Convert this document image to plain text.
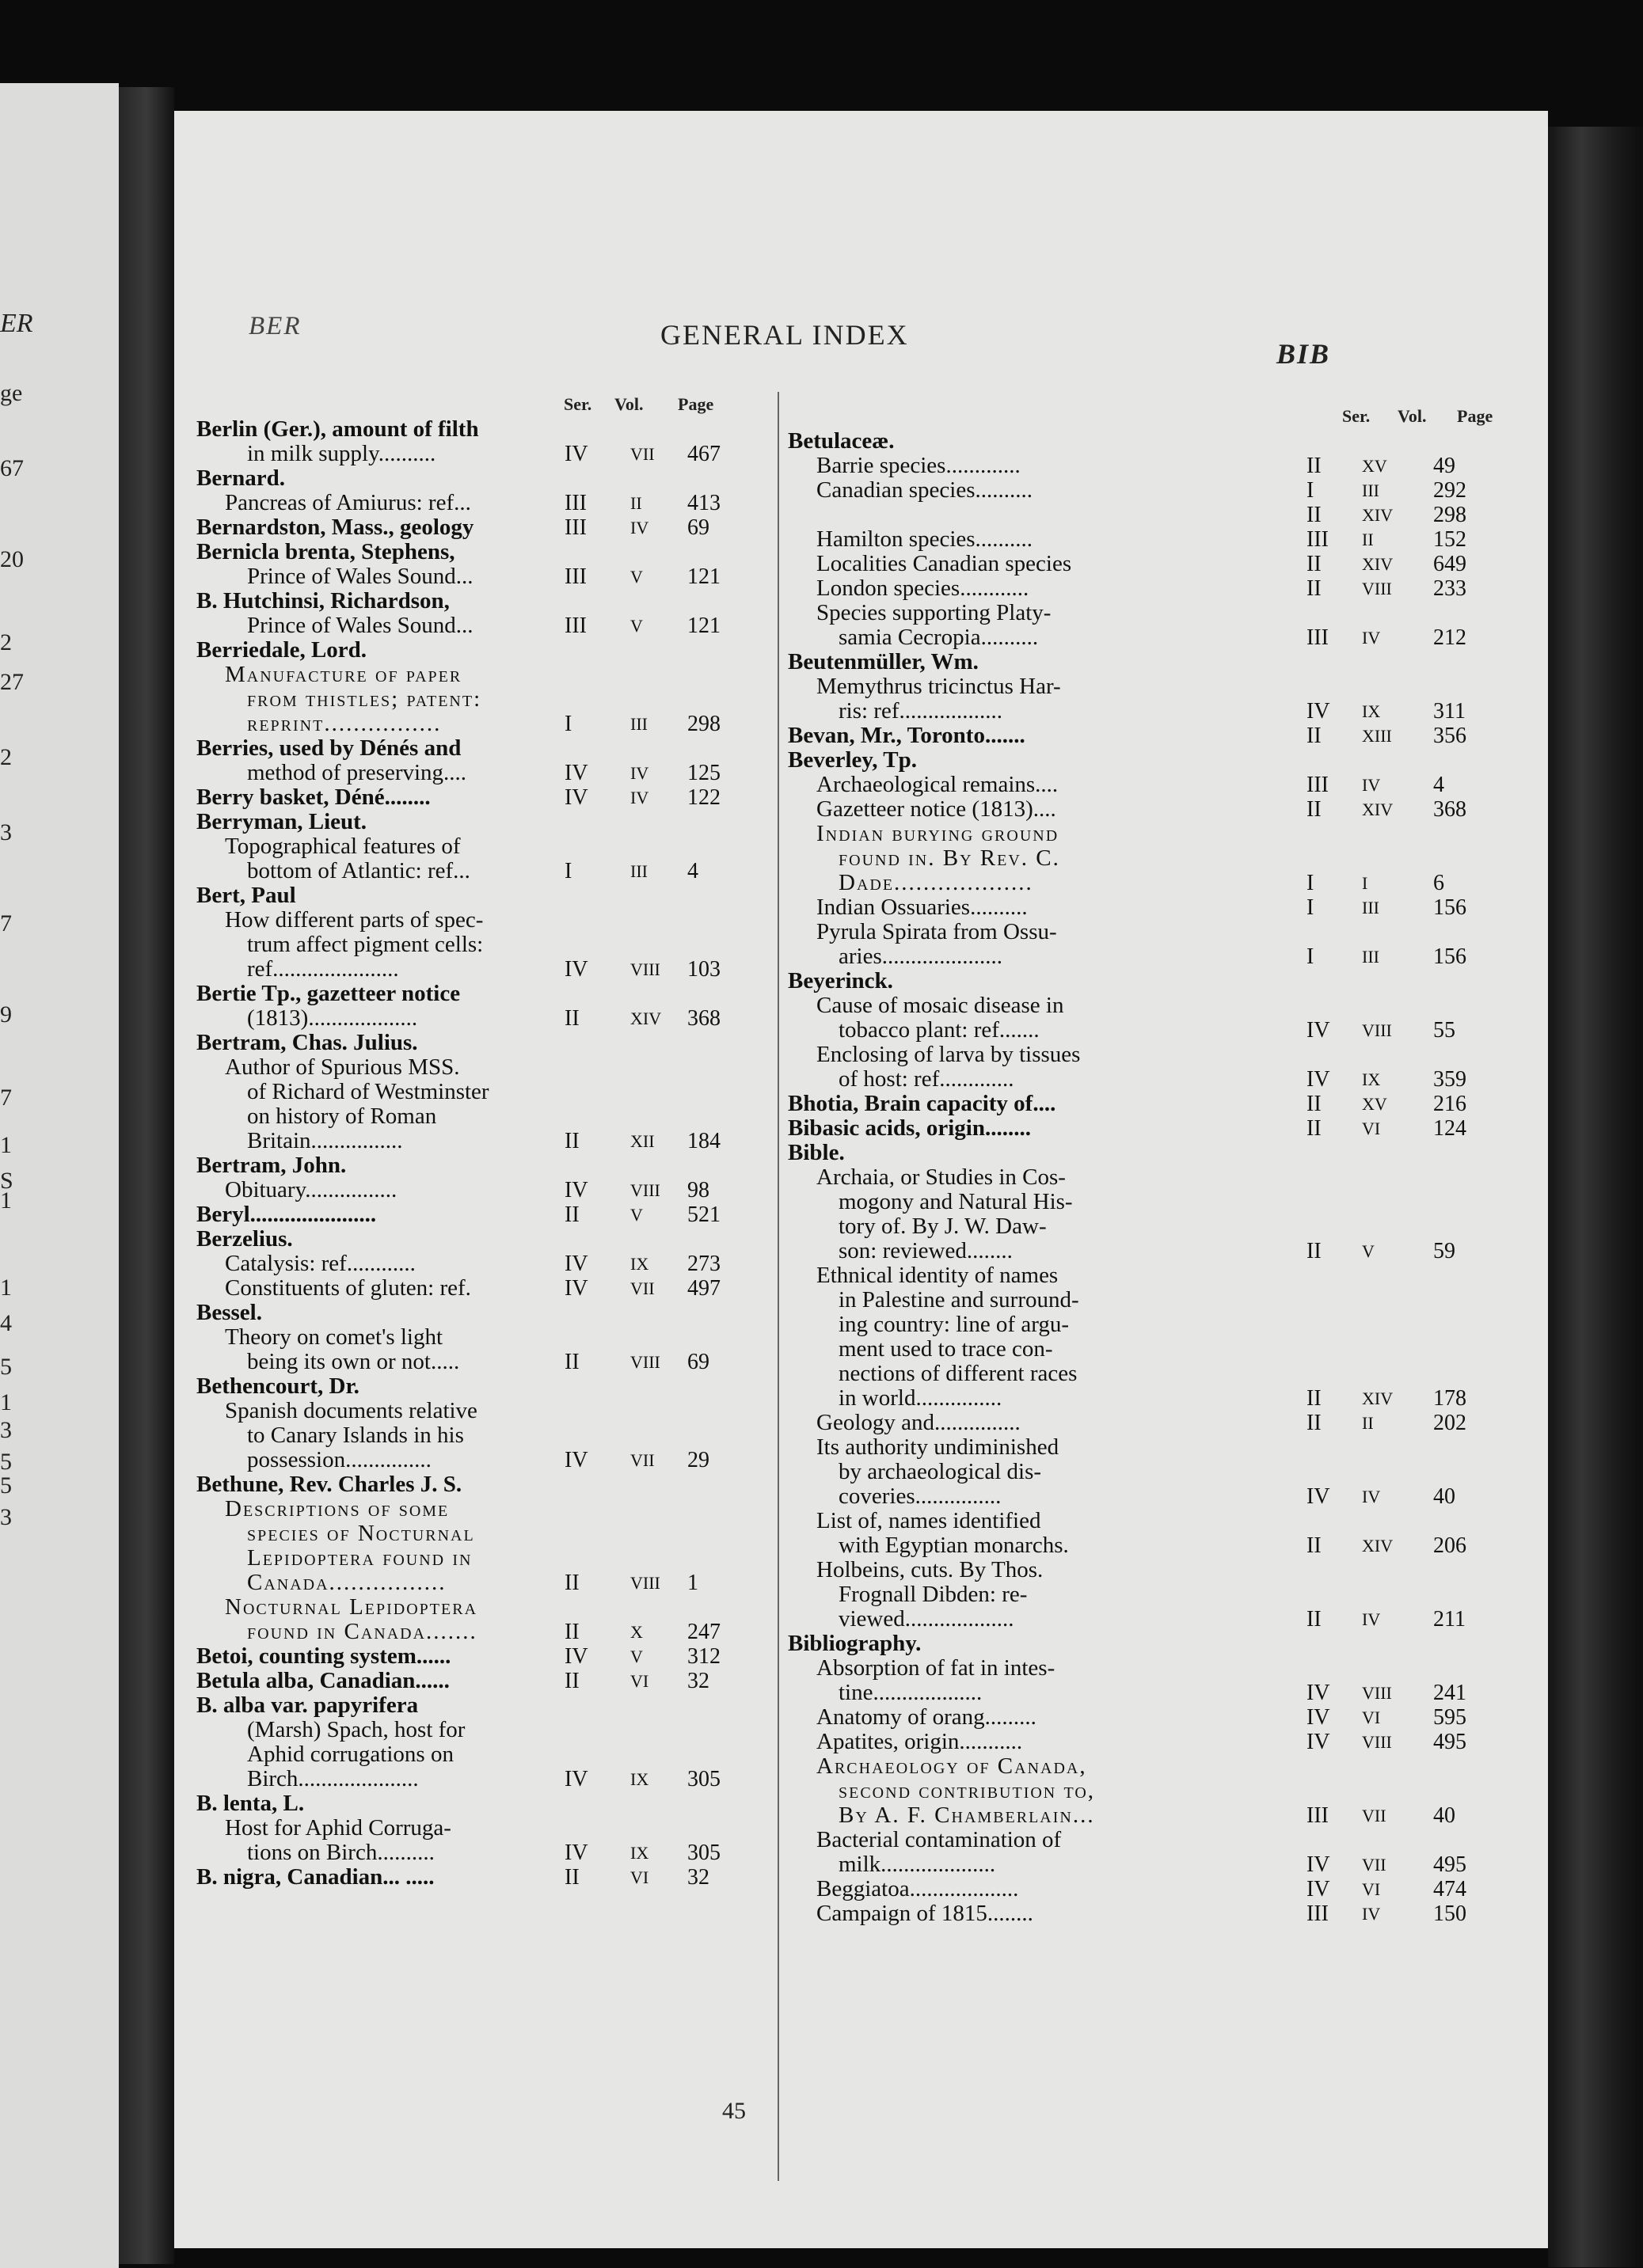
ER
ge
67
20
2
27
2
3
7
9
7
1
S
1
1
4
5
1
3
5
5
3
BER	GENERAL INDEX
BIB
Ser. Vol. Page
Berlin (Ger.), amount of filth
in milk supply..........	IV VII 467
Bernard.
Pancreas of Amiurus: ref...	III	II 413
Bernardston, Mass., geology	III	IV 69
Bernicla brenta, Stephens,
Prince of Wales Sound...	III	V 121
B. Hutchinsi, Richardson,
Prince of Wales Sound...	III	V 121
Berriedale, Lord.
Manufacture of paper
from thistles; patent:
reprint................	I	III 298
Berries, used by Dénés and
method of preserving....	IV IV 125
Berry basket, Déné........	IV IV 122
Berryman, Lieut.
Topographical features of
bottom of Atlantic: ref...	I	III 4
Bert, Paul
How different parts of spec-
trum affect pigment cells:
ref......................	IV VIII 103
Bertie Tp., gazetteer notice
(1813)...................	II	XIV 368
Bertram, Chas. Julius.
Author of Spurious MSS.
of Richard of Westminster
on history of Roman
Britain................	II	XII 184
Bertram, John.
Obituary................	IV VIII 98
Beryl......................	II	V 521
Berzelius.
Catalysis: ref............	IV IX 273
Constituents of gluten: ref.	IV VII 497
Bessel.
Theory on comet's light
being its own or not.....	II	VIII 69
Bethencourt, Dr.
Spanish documents relative
to Canary Islands in his
possession...............	IV VII 29
Bethune, Rev. Charles J. S.
Descriptions of some
species of Nocturnal
Lepidoptera found in
Canada................	II	VIII 1
Nocturnal Lepidoptera
found in Canada.......	II	X 247
Betoi, counting system......	IV V 312
Betula alba, Canadian......	II	VI 32
B. alba var. papyrifera
(Marsh) Spach, host for
Aphid corrugations on
Birch.....................	IV IX 305
B. lenta, L.
Host for Aphid Corruga-
tions on Birch..........	IV IX 305
B. nigra, Canadian... .....	II	VI 32
Ser. Vol. Page
Betulaceæ.
Barrie species.............	II XV 49
Canadian species..........	I	III 292

II XIV 298
Hamilton species..........	III II	152
Localities Canadian species	II XIV 649
London species............	II VIII 233
Species supporting Platy-
samia Cecropia..........	III IV 212
Beutenmüller, Wm.
Memythrus tricinctus Har-
ris: ref..................	IV IX 311
Bevan, Mr., Toronto.......	II XIII 356
Beverley, Tp.
Archaeological remains....	III IV 4
Gazetteer notice (1813)....	II XIV 368
Indian burying ground
found in. By Rev. C.
Dade...................	I	I	6
Indian Ossuaries..........	I	III 156
Pyrula Spirata from Ossu-
aries.....................	I	III 156
Beyerinck.
Cause of mosaic disease in
tobacco plant: ref.......	IV VIII 55
Enclosing of larva by tissues
of host: ref.............	IV IX 359
Bhotia, Brain capacity of....	II XV 216
Bibasic acids, origin........	II VI 124
Bible.
Archaia, or Studies in Cos-
mogony and Natural His-
tory of. By J. W. Daw-
son: reviewed........	II V	59
Ethnical identity of names
in Palestine and surround-
ing country: line of argu-
ment used to trace con-
nections of different races
in world...............	II XIV 178
Geology and...............	II II	202
Its authority undiminished
by archaeological dis-
coveries...............	IV IV 40
List of, names identified
with Egyptian monarchs.	II XIV 206
Holbeins, cuts. By Thos.
Frognall Dibden: re-
viewed...................	II IV 211
Bibliography.
Absorption of fat in intes-
tine...................	IV VIII 241
Anatomy of orang.........	IV VI 595
Apatites, origin...........	IV VIII 495
Archaeology of Canada,
second contribution to,
By A. F. Chamberlain...	III VII 40
Bacterial contamination of
milk....................	IV VII 495
Beggiatoa...................	IV VI 474
Campaign of 1815........	III IV 150
45
